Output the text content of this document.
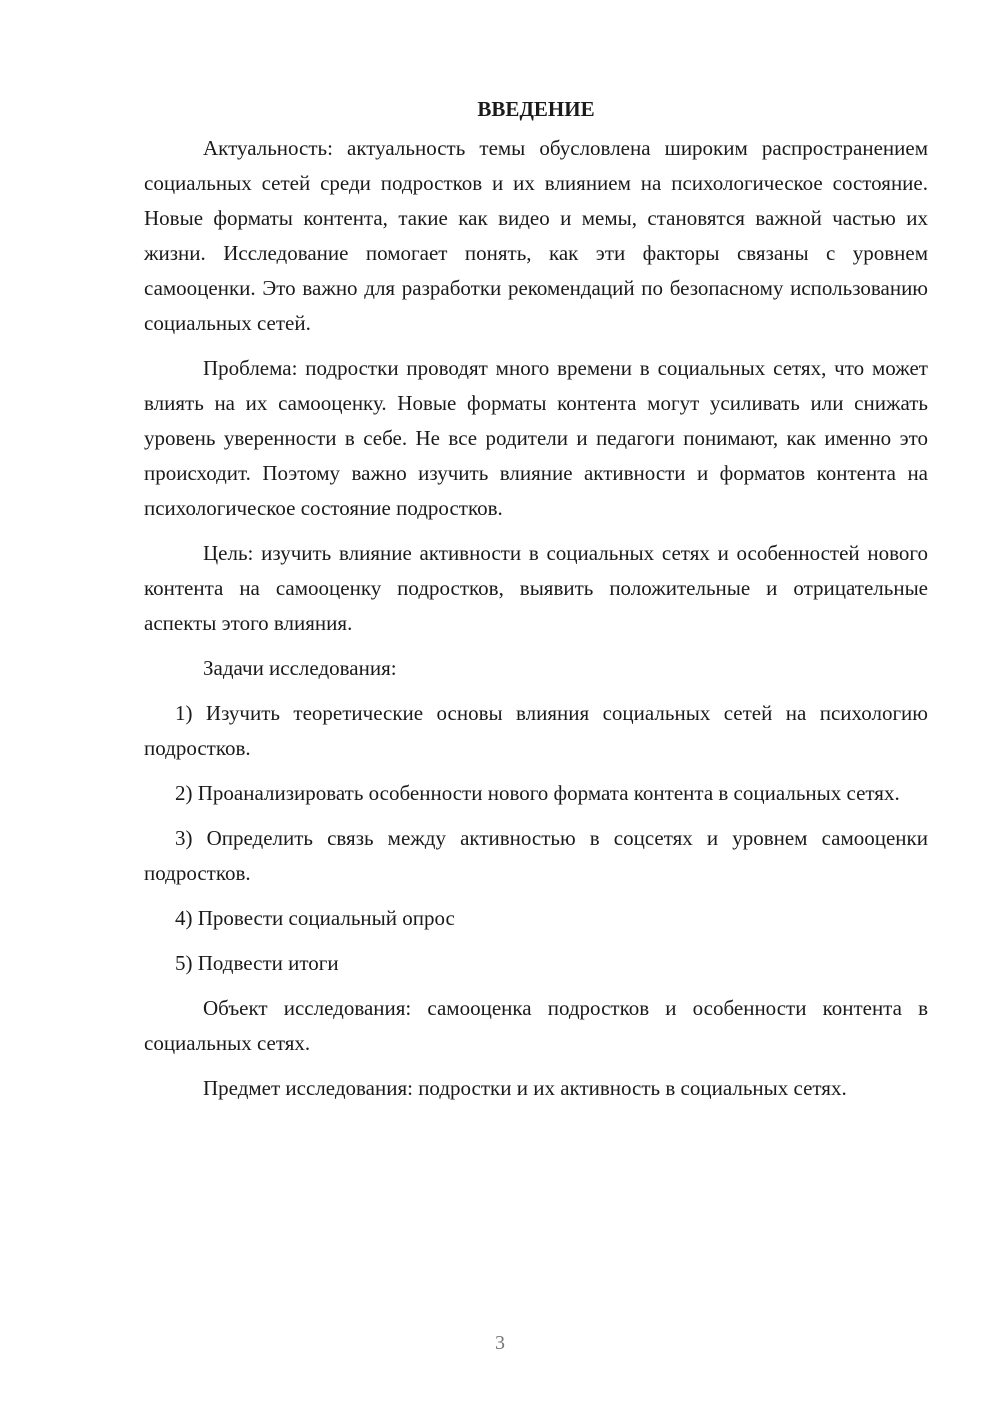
ВВЕДЕНИЕ

Актуальность: актуальность темы обусловлена широким распространением социальных сетей среди подростков и их влиянием на психологическое состояние. Новые форматы контента, такие как видео и мемы, становятся важной частью их жизни. Исследование помогает понять, как эти факторы связаны с уровнем самооценки. Это важно для разработки рекомендаций по безопасному использованию социальных сетей.

Проблема: подростки проводят много времени в социальных сетях, что может влиять на их самооценку. Новые форматы контента могут усиливать или снижать уровень уверенности в себе. Не все родители и педагоги понимают, как именно это происходит. Поэтому важно изучить влияние активности и форматов контента на психологическое состояние подростков.

Цель: изучить влияние активности в социальных сетях и особенностей нового контента на самооценку подростков, выявить положительные и отрицательные аспекты этого влияния.

Задачи исследования:

1) Изучить теоретические основы влияния социальных сетей на психологию подростков.

2) Проанализировать особенности нового формата контента в социальных сетях.

3) Определить связь между активностью в соцсетях и уровнем самооценки подростков.

4) Провести социальный опрос

5) Подвести итоги

Объект исследования: самооценка подростков и особенности контента в социальных сетях.

Предмет исследования: подростки и их активность в социальных сетях.

3
